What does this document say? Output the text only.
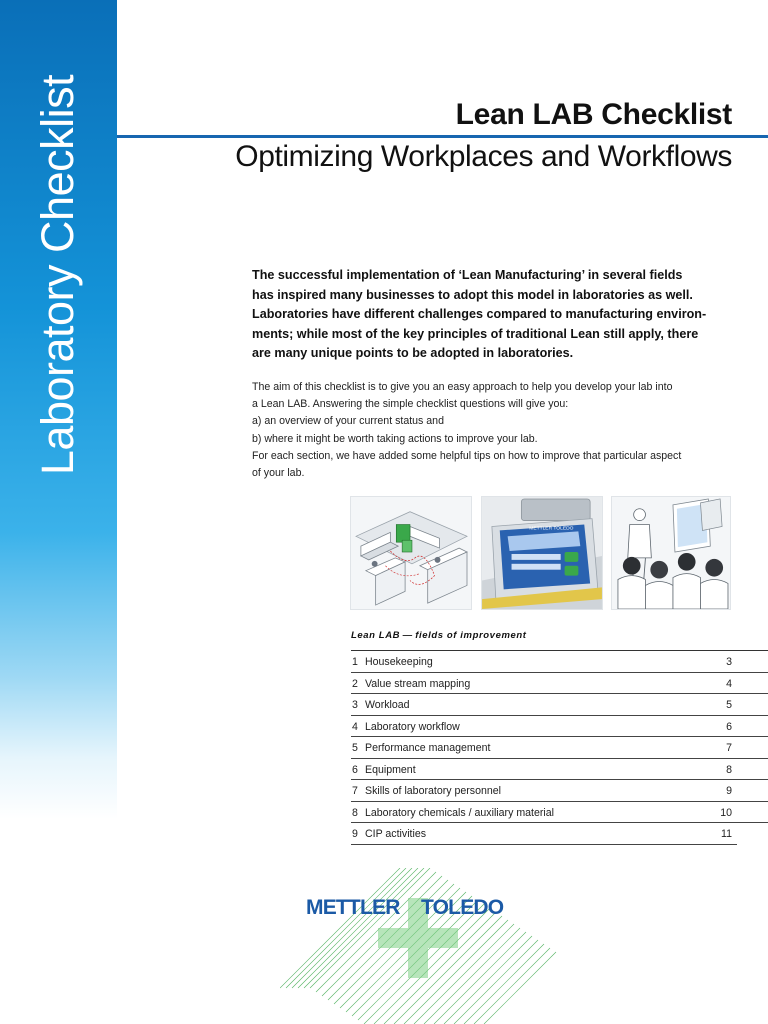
Laboratory Checklist	Lean LAB Checklist
Optimizing Workplaces and Workflows
The successful implementation of ‘Lean Manufacturing’ in several fields
has inspired many businesses to adopt this model in laboratories as well.
Laboratories have different challenges compared to manufacturing environ-
ments; while most of the key principles of traditional Lean still apply, there
are many unique points to be adopted in laboratories.
The aim of this checklist is to give you an easy approach to help you develop your lab into
a Lean LAB. Answering the simple checklist questions will give you:
a) an overview of your current status and
b) where it might be worth taking actions to improve your lab.
For each section, we have added some helpful tips on how to improve that particular aspect
of your lab.
METTLER TOLEDO
Lean LAB — fields of improvement
1 Housekeeping	3
2 Value stream mapping	4
3 Workload	5
4 Laboratory workflow	6
5 Performance management	7
6 Equipment	8
7 Skills of laboratory personnel	9
8 Laboratory chemicals / auxiliary material	10
9 CIP activities	11
METTLER TOLEDO
